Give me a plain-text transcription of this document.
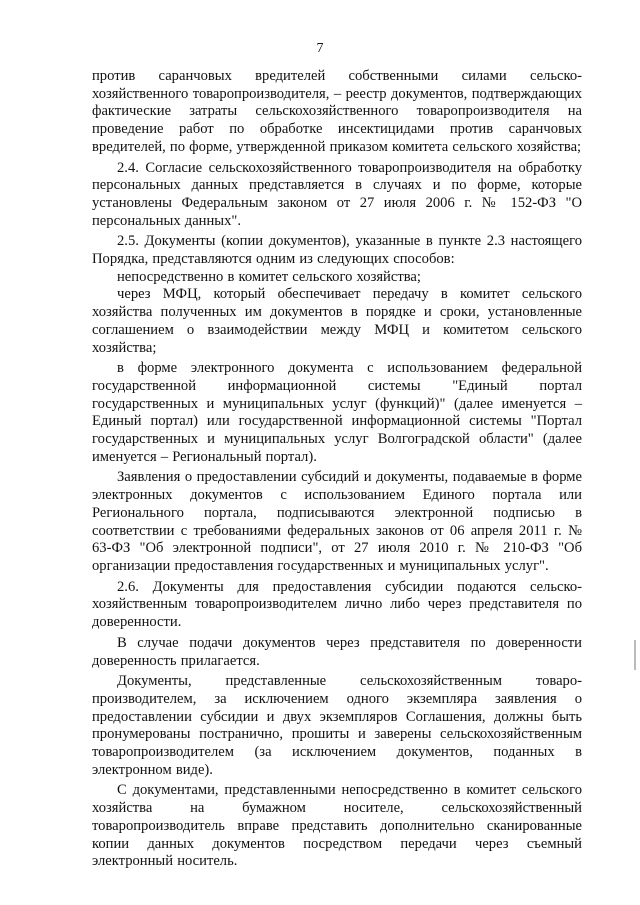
7

против саранчовых вредителей собственными силами сельско-хозяйственного товаропроизводителя, – реестр документов, подтверждающих фактические затраты сельскохозяйственного товаропроизводителя на проведение работ по обработке инсектицидами против саранчовых вредителей, по форме, утвержденной приказом комитета сельского хозяйства;

2.4. Согласие сельскохозяйственного товаропроизводителя на обработку персональных данных представляется в случаях и по форме, которые установлены Федеральным законом от 27 июля 2006 г. № 152-ФЗ "О персональных данных".

2.5. Документы (копии документов), указанные в пункте 2.3 настоящего Порядка, представляются одним из следующих способов:

непосредственно в комитет сельского хозяйства;

через МФЦ, который обеспечивает передачу в комитет сельского хозяйства полученных им документов в порядке и сроки, установленные соглашением о взаимодействии между МФЦ и комитетом сельского хозяйства;

в форме электронного документа с использованием федеральной государственной информационной системы "Единый портал государственных и муниципальных услуг (функций)" (далее именуется – Единый портал) или государственной информационной системы "Портал государственных и муниципальных услуг Волгоградской области" (далее именуется – Региональный портал).

Заявления о предоставлении субсидий и документы, подаваемые в форме электронных документов с использованием Единого портала или Регионального портала, подписываются электронной подписью в соответствии с требованиями федеральных законов от 06 апреля 2011 г. № 63-ФЗ "Об электронной подписи", от 27 июля 2010 г. № 210-ФЗ "Об организации предоставления государственных и муниципальных услуг".

2.6. Документы для предоставления субсидии подаются сельско-хозяйственным товаропроизводителем лично либо через представителя по доверенности.

В случае подачи документов через представителя по доверенности доверенность прилагается.

Документы, представленные сельскохозяйственным товаро-производителем, за исключением одного экземпляра заявления о предоставлении субсидии и двух экземпляров Соглашения, должны быть пронумерованы постранично, прошиты и заверены сельскохозяйственным товаропроизводителем (за исключением документов, поданных в электронном виде).

С документами, представленными непосредственно в комитет сельского хозяйства на бумажном носителе, сельскохозяйственный товаропроизводитель вправе представить дополнительно сканированные копии данных документов посредством передачи через съемный электронный носитель.
